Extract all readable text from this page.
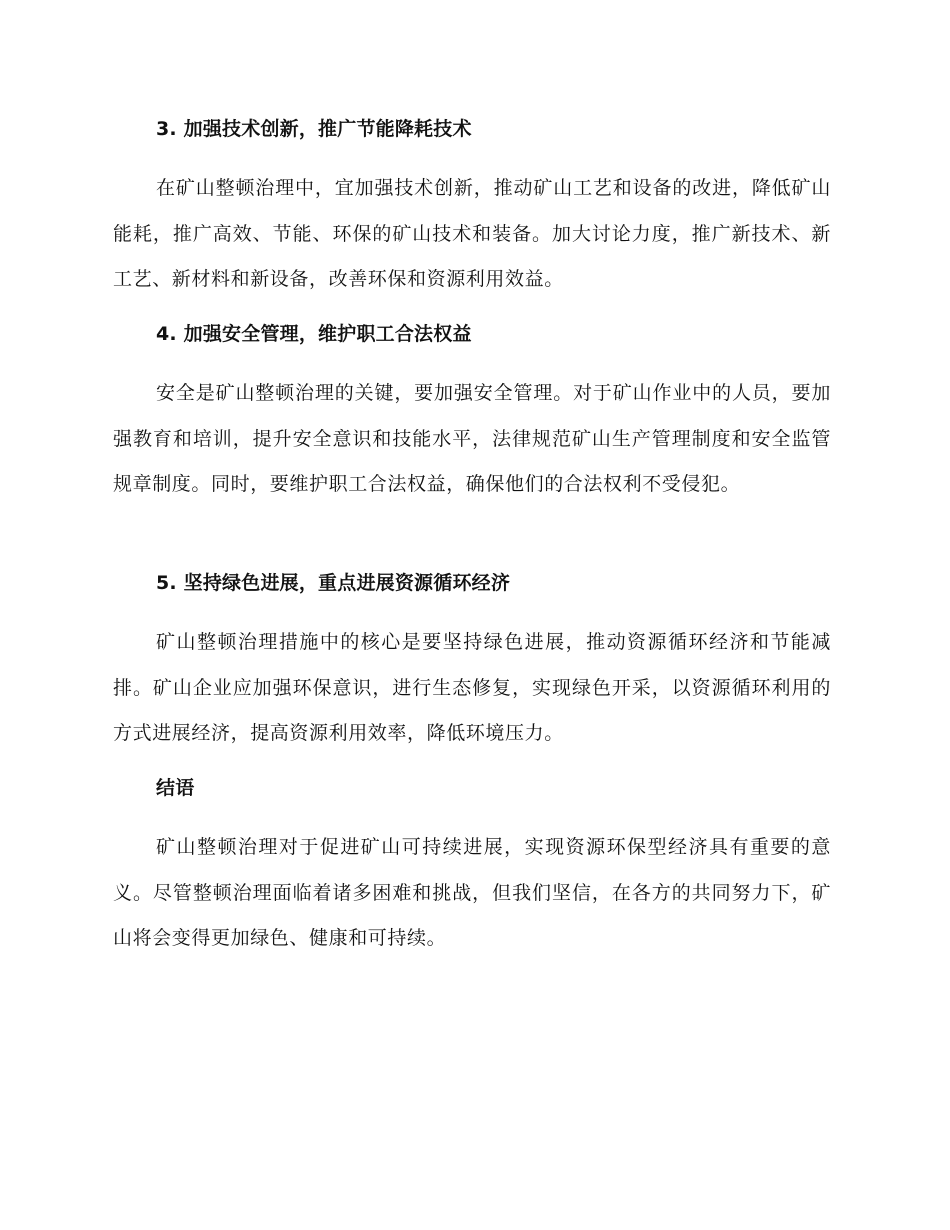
3. 加强技术创新，推广节能降耗技术

在矿山整顿治理中，宜加强技术创新，推动矿山工艺和设备的改进，降低矿山能耗，推广高效、节能、环保的矿山技术和装备。加大讨论力度，推广新技术、新工艺、新材料和新设备，改善环保和资源利用效益。

4. 加强安全管理，维护职工合法权益

安全是矿山整顿治理的关键，要加强安全管理。对于矿山作业中的人员，要加强教育和培训，提升安全意识和技能水平，法律规范矿山生产管理制度和安全监管规章制度。同时，要维护职工合法权益，确保他们的合法权利不受侵犯。

5. 坚持绿色进展，重点进展资源循环经济

矿山整顿治理措施中的核心是要坚持绿色进展，推动资源循环经济和节能减排。矿山企业应加强环保意识，进行生态修复，实现绿色开采，以资源循环利用的方式进展经济，提高资源利用效率，降低环境压力。

结语

矿山整顿治理对于促进矿山可持续进展，实现资源环保型经济具有重要的意义。尽管整顿治理面临着诸多困难和挑战，但我们坚信，在各方的共同努力下，矿山将会变得更加绿色、健康和可持续。
